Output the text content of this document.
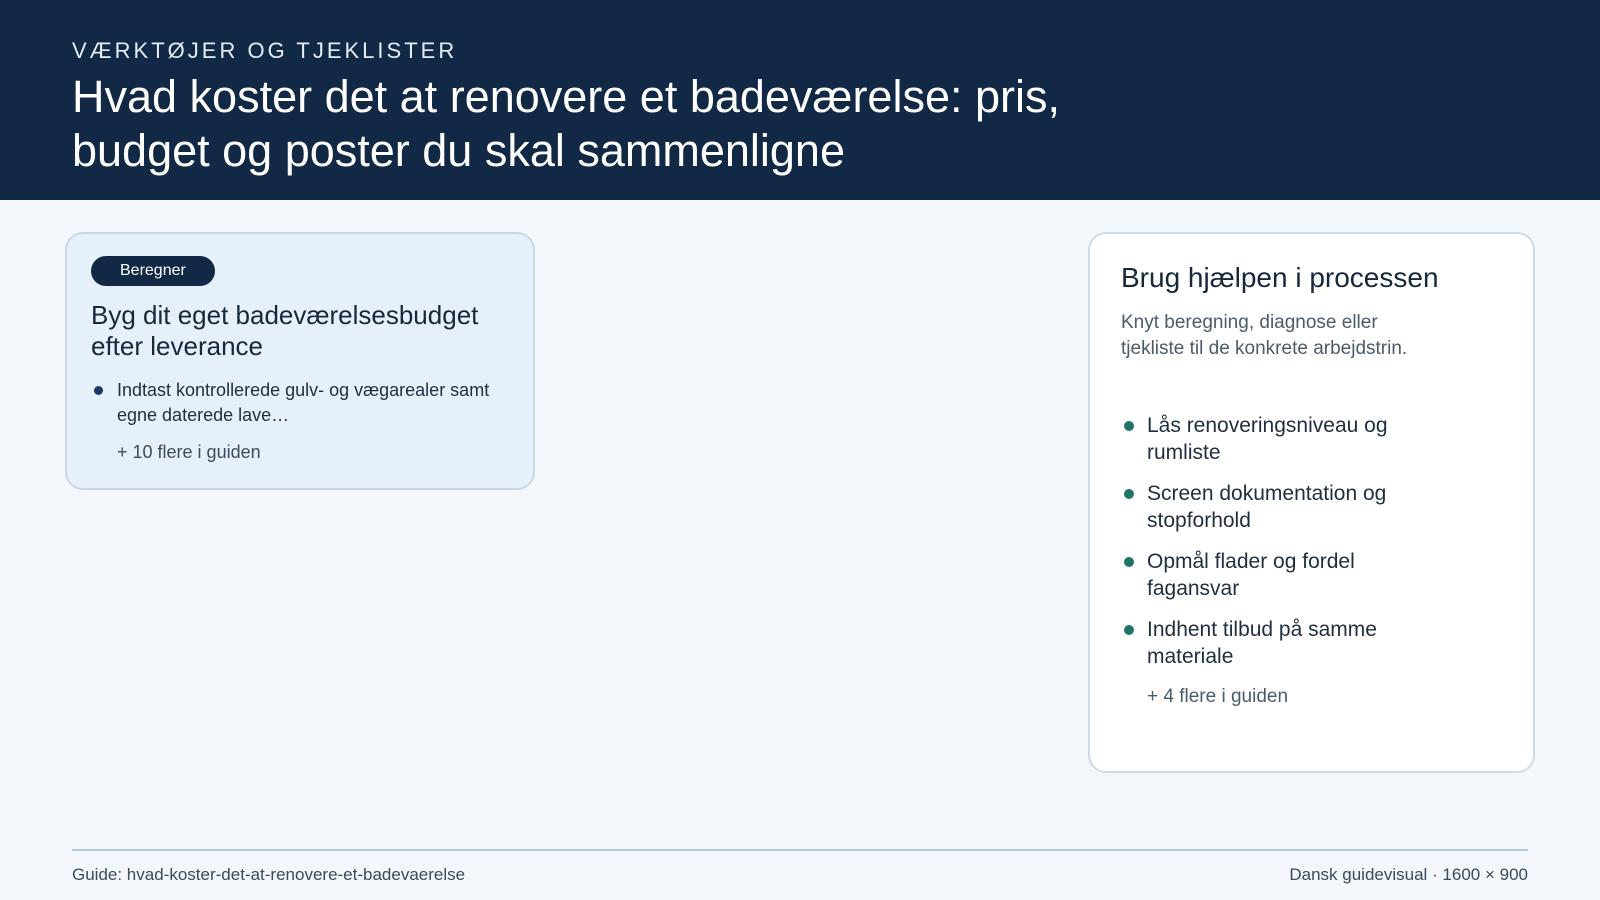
VÆRKTØJER OG TJEKLISTER
Hvad koster det at renovere et badeværelse: pris, budget og poster du skal sammenligne
Beregner
Byg dit eget badeværelsesbudget efter leverance
Indtast kontrollerede gulv- og vægarealer samt egne daterede lave…
+ 10 flere i guiden
Brug hjælpen i processen
Knyt beregning, diagnose eller tjekliste til de konkrete arbejdstrin.
Lås renoveringsniveau og rumliste
Screen dokumentation og stopforhold
Opmål flader og fordel fagansvar
Indhent tilbud på samme materiale
+ 4 flere i guiden
Guide: hvad-koster-det-at-renovere-et-badevaerelse	Dansk guidevisual · 1600 × 900
